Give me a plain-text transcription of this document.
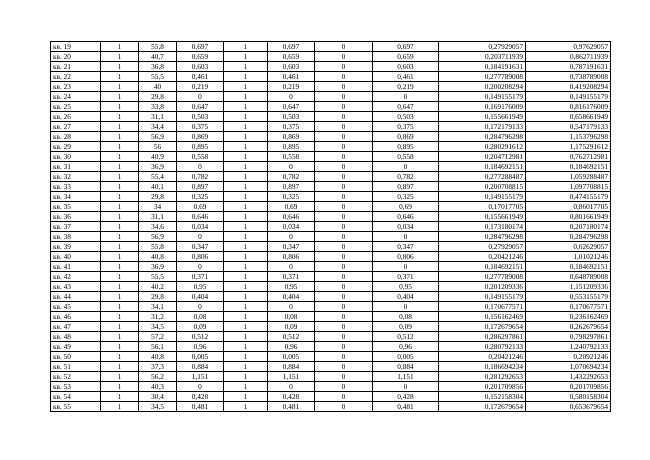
кв. 19	1	55,8	0,697	1	0,697	0	0,697	0,27929057	0,97629057
кв. 20	1	40,7	0,659	1	0,659	0	0,659	0,203711939	0,862711939
кв. 21	1	36,8	0,603	1	0,603	0	0,603	0,184191631	0,787191631
кв. 22	1	55,5	0,461	1	0,461	0	0,461	0,277789008	0,738789008
кв. 23	1	40	0,219	1	0,219	0	0,219	0,200208294	0,419208294
кв. 24	1	29,8	0	1	0	0	0	0,149155179	0,149155179
кв. 25	1	33,8	0,647	1	0,647	0	0,647	0,169176009	0,816176009
кв. 26	1	31,1	0,503	1	0,503	0	0,503	0,155661949	0,658661949
кв. 27	1	34,4	0,375	1	0,375	0	0,375	0,172179133	0,547179133
кв. 28	1	56,9	0,869	1	0,869	0	0,869	0,284796298	1,153796298
кв. 29	1	56	0,895	1	0,895	0	0,895	0,280291612	1,175291612
кв. 30	1	40,9	0,558	1	0,558	0	0,558	0,204712981	0,762712981
кв. 31	1	36,9	0	1	0	0	0	0,184692151	0,184692151
кв. 32	1	55,4	0,782	1	0,782	0	0,782	0,277288487	1,059288487
кв. 33	1	40,1	0,897	1	0,897	0	0,897	0,200708815	1,097708815
кв. 34	1	29,8	0,325	1	0,325	0	0,325	0,149155179	0,474155179
кв. 35	1	34	0,69	1	0,69	0	0,69	0,17017705	0,86017705
кв. 36	1	31,1	0,646	1	0,646	0	0,646	0,155661949	0,801661949
кв. 37	1	34,6	0,034	1	0,034	0	0,034	0,173180174	0,207180174
кв. 38	1	56,9	0	1	0	0	0	0,284796298	0,284796298
кв. 39	1	55,8	0,347	1	0,347	0	0,347	0,27929057	0,62629057
кв. 40	1	40,8	0,806	1	0,806	0	0,806	0,20421246	1,01021246
кв. 41	1	36,9	0	1	0	0	0	0,184692151	0,184692151
кв. 42	1	55,5	0,371	1	0,371	0	0,371	0,277789008	0,648789008
кв. 43	1	40,2	0,95	1	0,95	0	0,95	0,201209336	1,151209336
кв. 44	1	29,8	0,404	1	0,404	0	0,404	0,149155179	0,553155179
кв. 45	1	34,1	0	1	0	0	0	0,170677571	0,170677571
кв. 46	1	31,2	0,08	1	0,08	0	0,08	0,156162469	0,236162469
кв. 47	1	34,5	0,09	1	0,09	0	0,09	0,172679654	0,262679654
кв. 48	1	57,2	0,512	1	0,512	0	0,512	0,286297861	0,798297861
кв. 49	1	56,1	0,96	1	0,96	0	0,96	0,280792133	1,240792133
кв. 50	1	40,8	0,005	1	0,005	0	0,005	0,20421246	0,20921246
кв. 51	1	37,3	0,884	1	0,884	0	0,884	0,186694234	1,070694234
кв. 52	1	56,2	1,151	1	1,151	0	1,151	0,281292653	1,432292653
кв. 53	1	40,3	0	1	0	0	0	0,201709856	0,201709856
кв. 54	1	30,4	0,428	1	0,428	0	0,428	0,152158304	0,580158304
кв. 55	1	34,5	0,481	1	0,481	0	0,481	0,172679654	0,653679654
